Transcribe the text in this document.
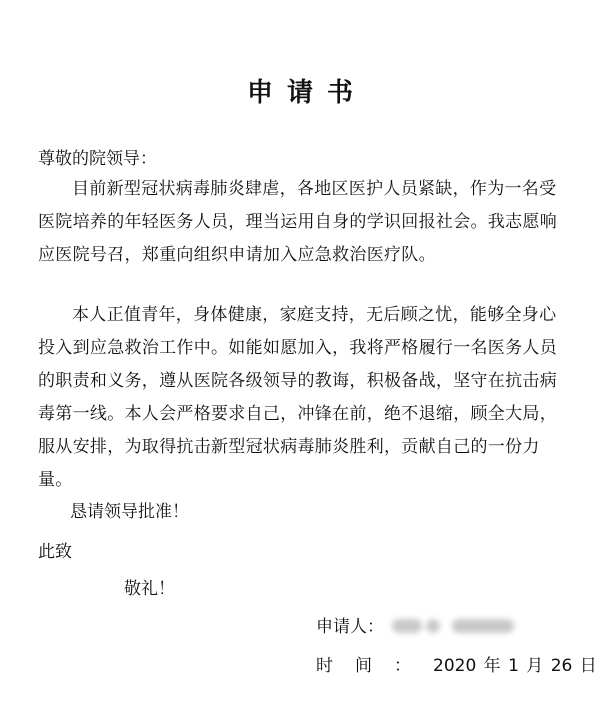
申请书

尊敬的院领导：

目前新型冠状病毒肺炎肆虐，各地区医护人员紧缺，作为一名受医院培养的年轻医务人员，理当运用自身的学识回报社会。我志愿响应医院号召，郑重向组织申请加入应急救治医疗队。

本人正值青年，身体健康，家庭支持，无后顾之忧，能够全身心投入到应急救治工作中。如能如愿加入，我将严格履行一名医务人员的职责和义务，遵从医院各级领导的教诲，积极备战，坚守在抗击病毒第一线。本人会严格要求自己，冲锋在前，绝不退缩，顾全大局，服从安排，为取得抗击新型冠状病毒肺炎胜利，贡献自己的一份力量。

恳请领导批准！

此致

敬礼！

申请人：

时间：2020 年 1 月 26 日
